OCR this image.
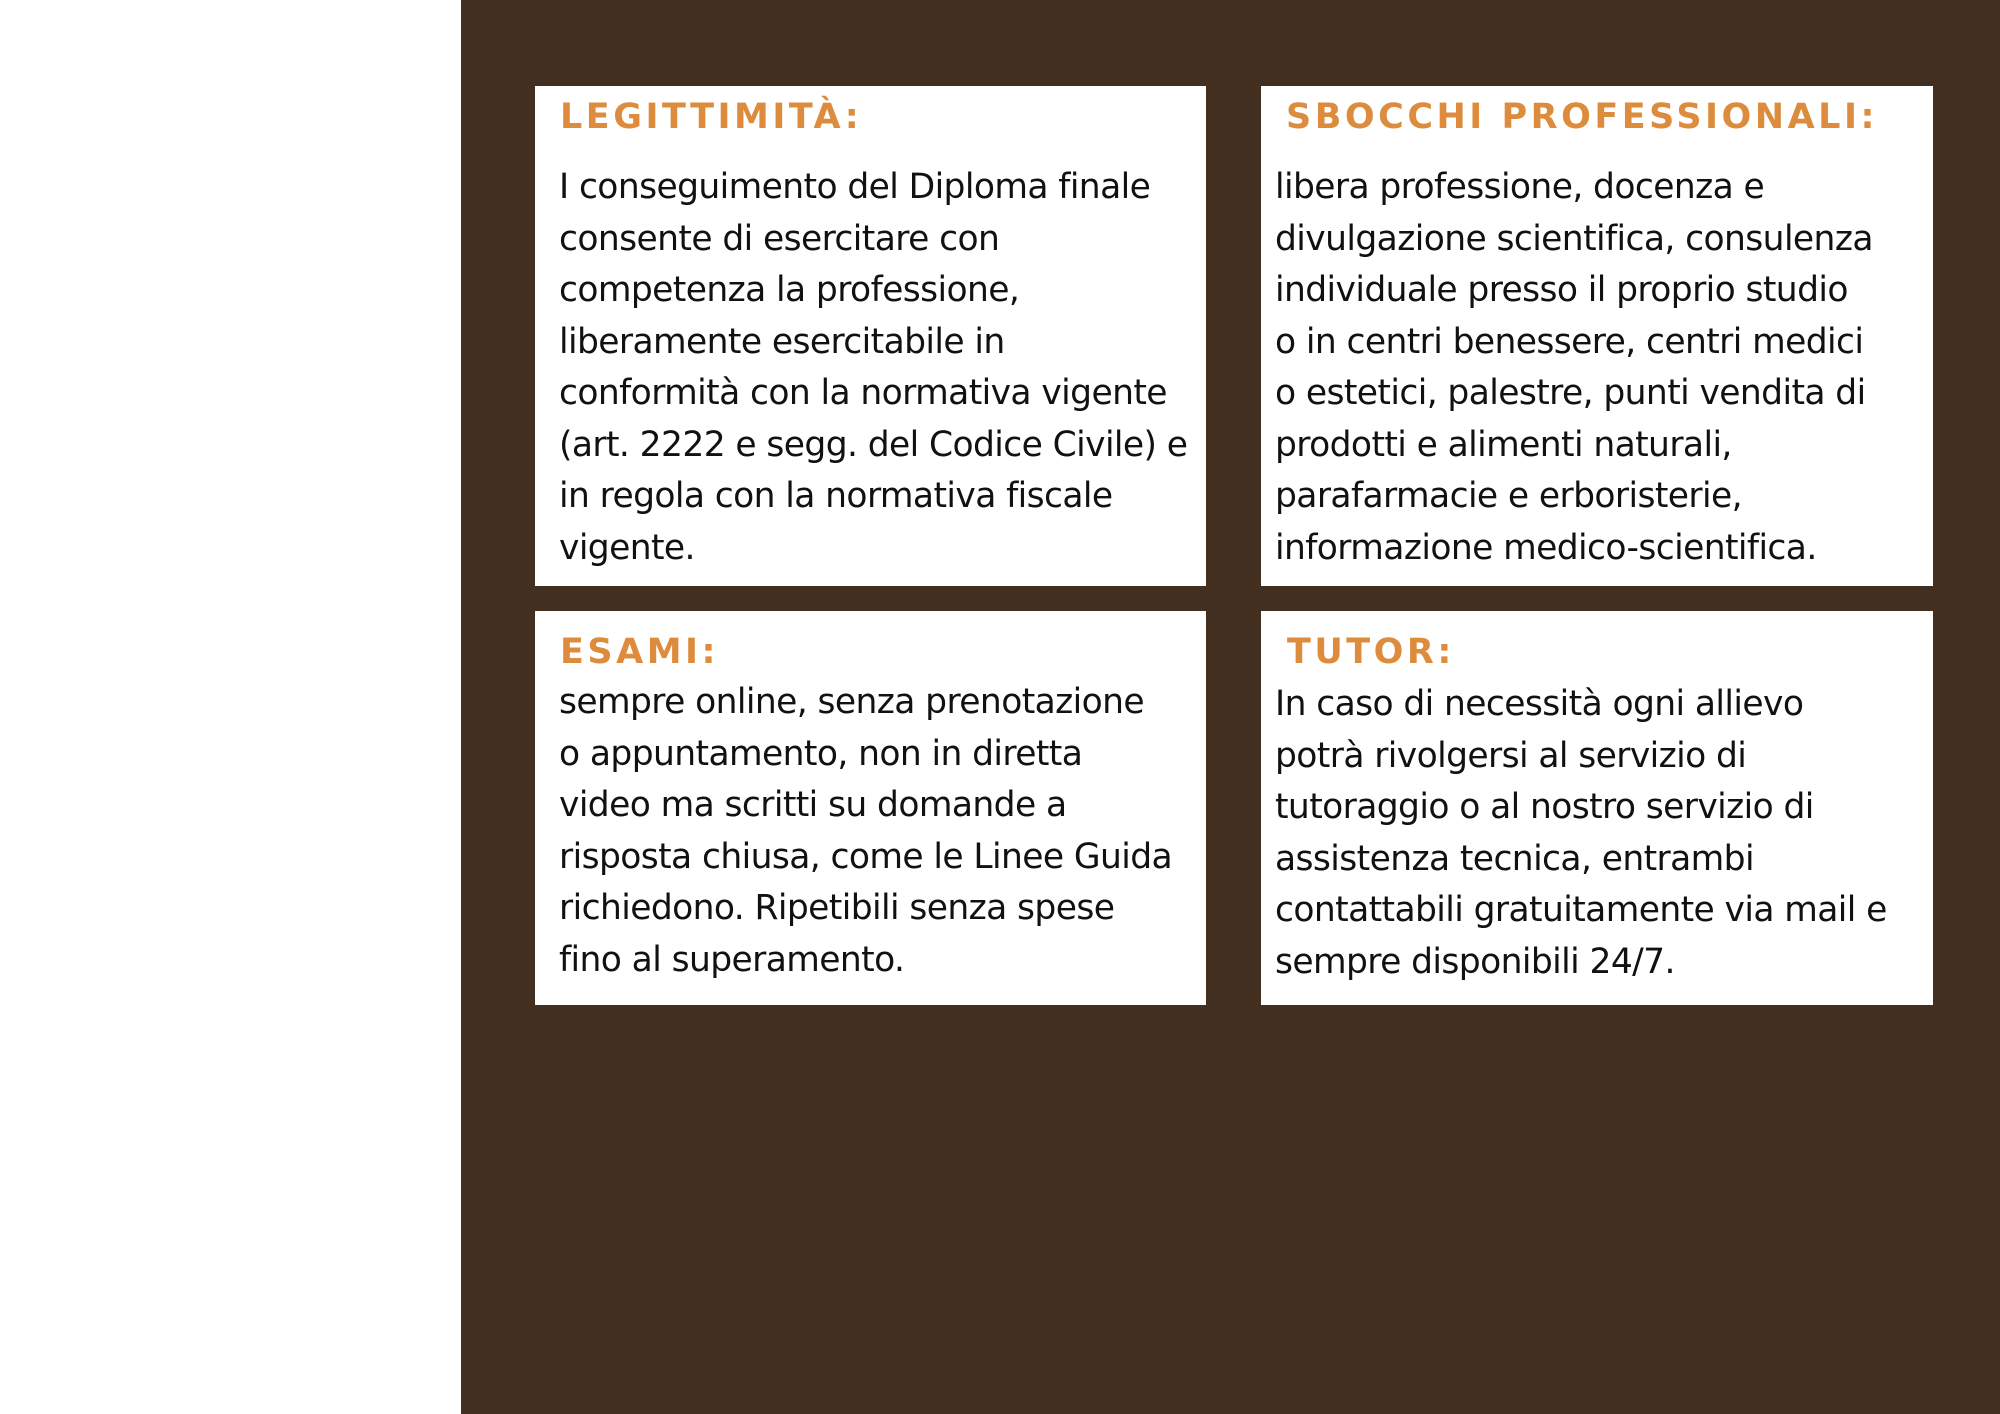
LEGITTIMITÀ:

I conseguimento del Diploma finale
consente di esercitare con
competenza la professione,
liberamente esercitabile in
conformità con la normativa vigente
(art. 2222 e segg. del Codice Civile) e
in regola con la normativa fiscale
vigente.

SBOCCHI PROFESSIONALI:

libera professione, docenza e
divulgazione scientifica, consulenza
individuale presso il proprio studio
o in centri benessere, centri medici
o estetici, palestre, punti vendita di
prodotti e alimenti naturali,
parafarmacie e erboristerie,
informazione medico-scientifica.

ESAMI:

sempre online, senza prenotazione
o appuntamento, non in diretta
video ma scritti su domande a
risposta chiusa, come le Linee Guida
richiedono. Ripetibili senza spese
fino al superamento.

TUTOR:

In caso di necessità ogni allievo
potrà rivolgersi al servizio di
tutoraggio o al nostro servizio di
assistenza tecnica, entrambi
contattabili gratuitamente via mail e
sempre disponibili 24/7.
